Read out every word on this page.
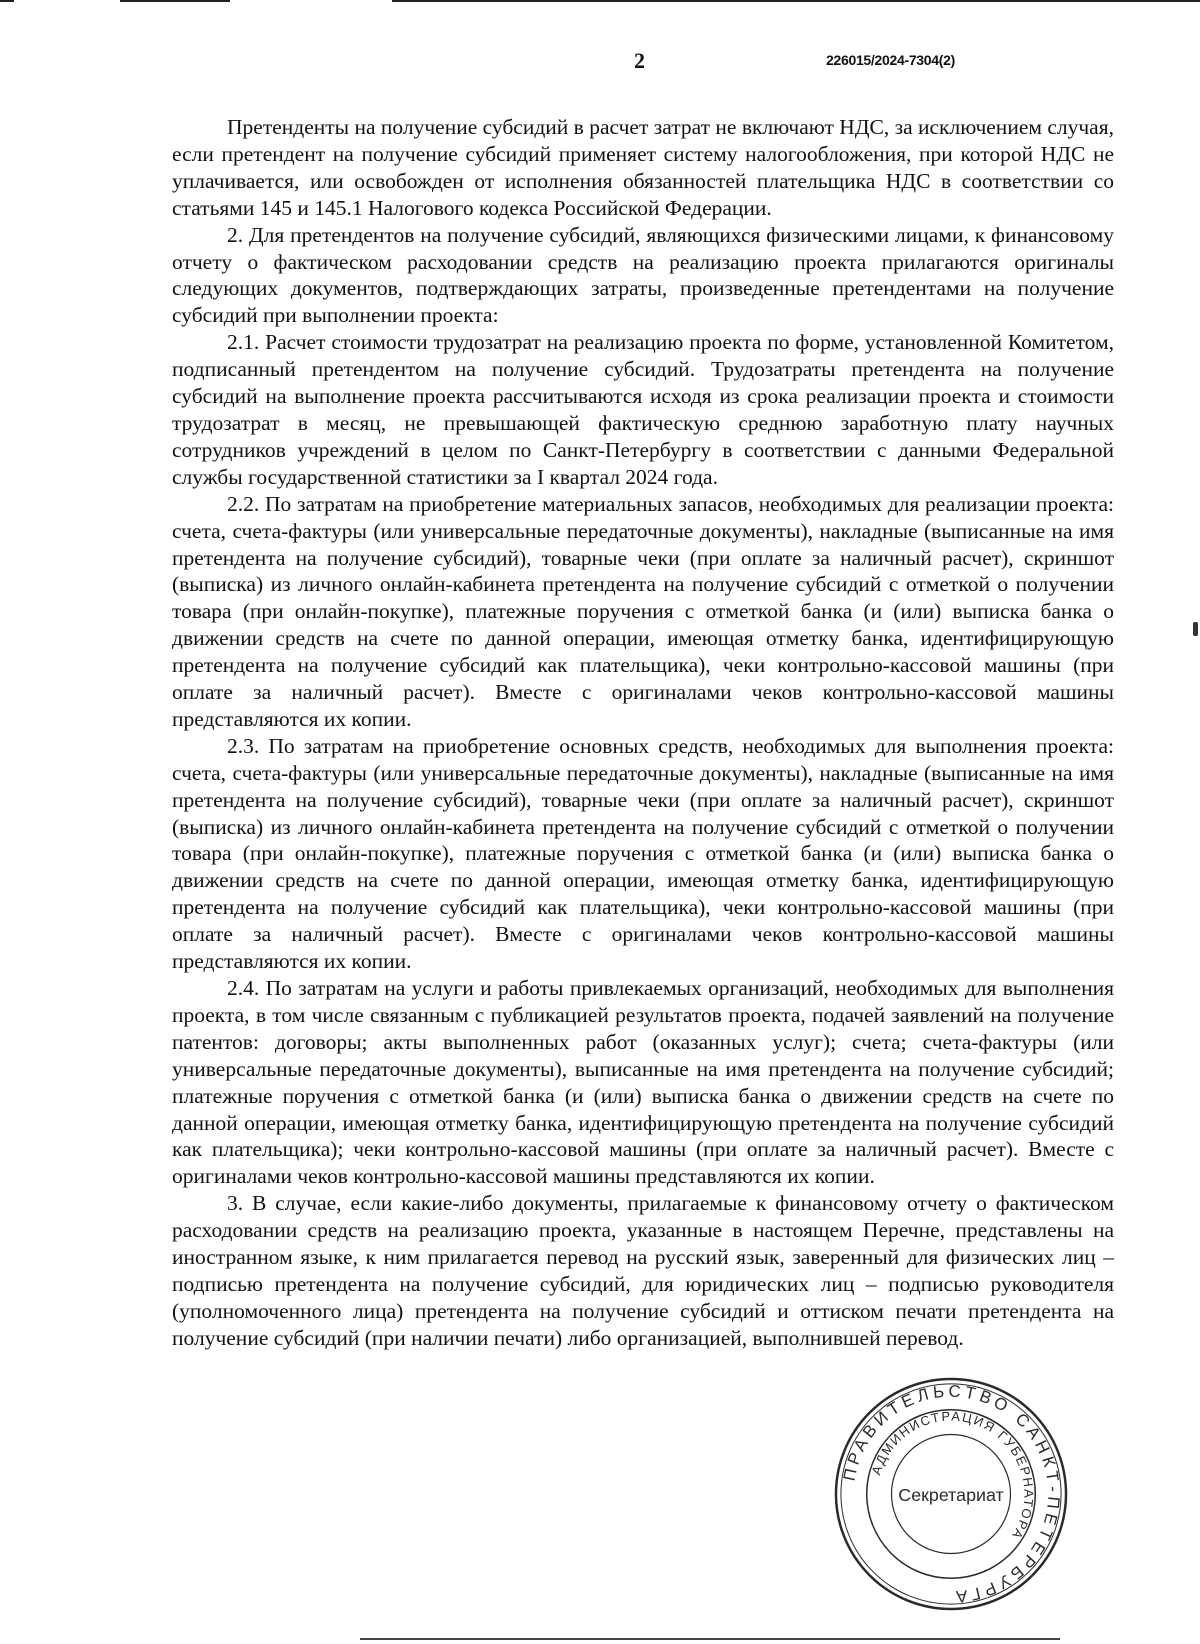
2	226015/2024-7304(2)

Претенденты на получение субсидий в расчет затрат не включают НДС, за исключением случая, если претендент на получение субсидий применяет систему налогообложения, при которой НДС не уплачивается, или освобожден от исполнения обязанностей плательщика НДС в соответствии со статьями 145 и 145.1 Налогового кодекса Российской Федерации.

2. Для претендентов на получение субсидий, являющихся физическими лицами, к финансовому отчету о фактическом расходовании средств на реализацию проекта прилагаются оригиналы следующих документов, подтверждающих затраты, произведенные претендентами на получение субсидий при выполнении проекта:

2.1. Расчет стоимости трудозатрат на реализацию проекта по форме, установленной Комитетом, подписанный претендентом на получение субсидий. Трудозатраты претендента на получение субсидий на выполнение проекта рассчитываются исходя из срока реализации проекта и стоимости трудозатрат в месяц, не превышающей фактическую среднюю заработную плату научных сотрудников учреждений в целом по Санкт-Петербургу в соответствии с данными Федеральной службы государственной статистики за I квартал 2024 года.

2.2. По затратам на приобретение материальных запасов, необходимых для реализации проекта: счета, счета-фактуры (или универсальные передаточные документы), накладные (выписанные на имя претендента на получение субсидий), товарные чеки (при оплате за наличный расчет), скриншот (выписка) из личного онлайн-кабинета претендента на получение субсидий с отметкой о получении товара (при онлайн-покупке), платежные поручения с отметкой банка (и (или) выписка банка о движении средств на счете по данной операции, имеющая отметку банка, идентифицирующую претендента на получение субсидий как плательщика), чеки контрольно-кассовой машины (при оплате за наличный расчет). Вместе с оригиналами чеков контрольно-кассовой машины представляются их копии.

2.3. По затратам на приобретение основных средств, необходимых для выполнения проекта: счета, счета-фактуры (или универсальные передаточные документы), накладные (выписанные на имя претендента на получение субсидий), товарные чеки (при оплате за наличный расчет), скриншот (выписка) из личного онлайн-кабинета претендента на получение субсидий с отметкой о получении товара (при онлайн-покупке), платежные поручения с отметкой банка (и (или) выписка банка о движении средств на счете по данной операции, имеющая отметку банка, идентифицирующую претендента на получение субсидий как плательщика), чеки контрольно-кассовой машины (при оплате за наличный расчет). Вместе с оригиналами чеков контрольно-кассовой машины представляются их копии.

2.4. По затратам на услуги и работы привлекаемых организаций, необходимых для выполнения проекта, в том числе связанным с публикацией результатов проекта, подачей заявлений на получение патентов: договоры; акты выполненных работ (оказанных услуг); счета; счета-фактуры (или универсальные передаточные документы), выписанные на имя претендента на получение субсидий; платежные поручения с отметкой банка (и (или) выписка банка о движении средств на счете по данной операции, имеющая отметку банка, идентифицирующую претендента на получение субсидий как плательщика); чеки контрольно-кассовой машины (при оплате за наличный расчет). Вместе с оригиналами чеков контрольно-кассовой машины представляются их копии.

3. В случае, если какие-либо документы, прилагаемые к финансовому отчету о фактическом расходовании средств на реализацию проекта, указанные в настоящем Перечне, представлены на иностранном языке, к ним прилагается перевод на русский язык, заверенный для физических лиц – подписью претендента на получение субсидий, для юридических лиц – подписью руководителя (уполномоченного лица) претендента на получение субсидий и оттиском печати претендента на получение субсидий (при наличии печати) либо организацией, выполнившей перевод.

ПРАВИТЕЛЬСТВО САНКТ-ПЕТЕРБУРГА
АДМИНИСТРАЦИЯ ГУБЕРНАТОРА
Секретариат
